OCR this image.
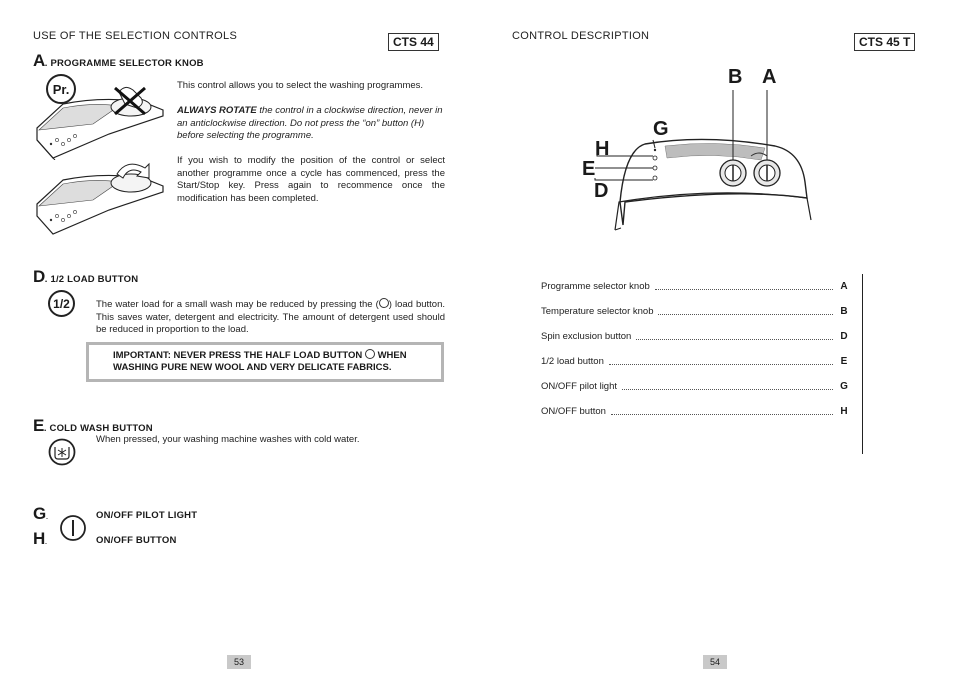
USE OF THE SELECTION CONTROLS	CTS 44
A . PROGRAMME SELECTOR KNOB
Pr.	This control allows you to select the washing programmes.
ALWAYS ROTATE the control in a clockwise direction, never in an anticlockwise direction. Do not press the “on” button (H) before selecting the programme.
If you wish to modify the position of the control or select another programme once a cycle has commenced, press the Start/Stop key. Press again to recommence once the modification has been completed.
D . 1/2 LOAD BUTTON
1/2	The water load for a small wash may be reduced by pressing the ( ) load button. This saves water, detergent and electricity. The amount of detergent used should be reduced in proportion to the load.
IMPORTANT: NEVER PRESS THE HALF LOAD BUTTON  WHEN WASHING PURE NEW WOOL AND VERY DELICATE FABRICS.
E . COLD WASH BUTTON
When pressed, your washing machine washes with cold water.
G .	ON/OFF PILOT LIGHT
H .	ON/OFF BUTTON
53
CONTROL DESCRIPTION	CTS 45 T
B A
G
H
E
D
Programme selector knob	A
Temperature selector knob	B
Spin exclusion button	D
1/2 load button	E
ON/OFF pilot light	G
ON/OFF button	H
54
